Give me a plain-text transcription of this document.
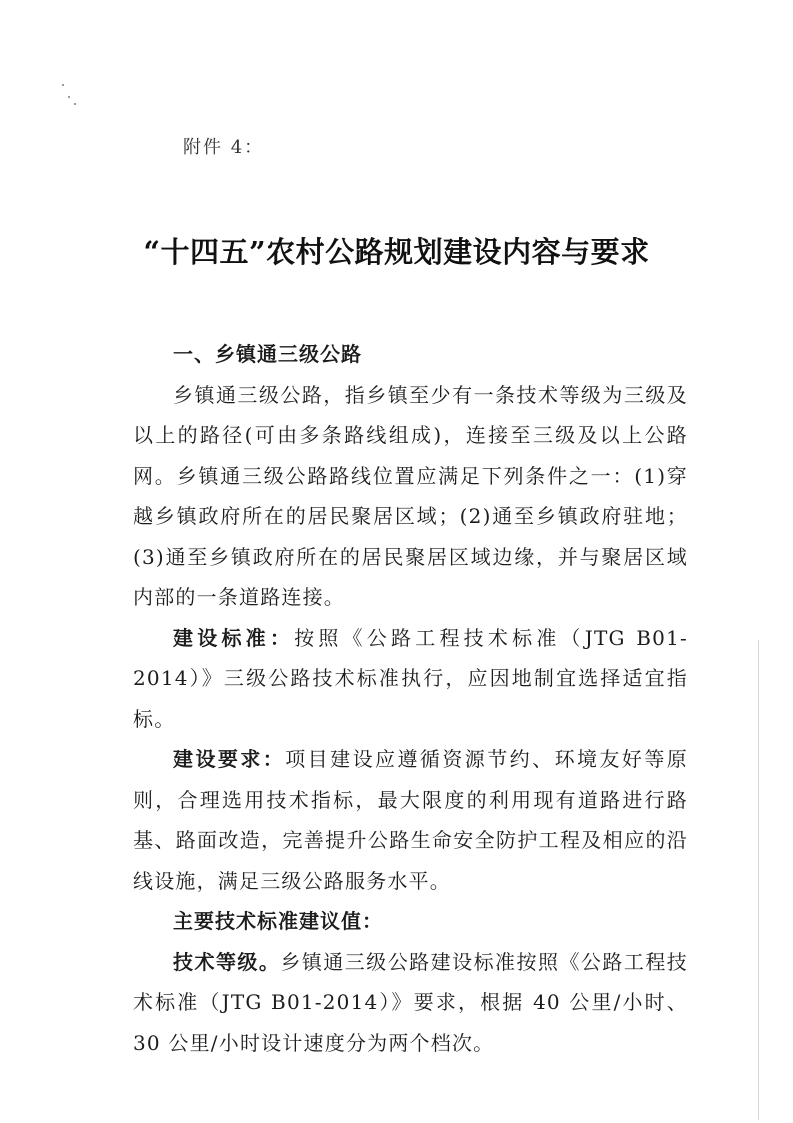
附件 4：
“十四五”农村公路规划建设内容与要求

一、乡镇通三级公路

乡镇通三级公路，指乡镇至少有一条技术等级为三级及以上的路径(可由多条路线组成)，连接至三级及以上公路网。乡镇通三级公路路线位置应满足下列条件之一：(1)穿越乡镇政府所在的居民聚居区域；(2)通至乡镇政府驻地；(3)通至乡镇政府所在的居民聚居区域边缘，并与聚居区域内部的一条道路连接。

建设标准：按照《公路工程技术标准（JTG B01-2014）》三级公路技术标准执行，应因地制宜选择适宜指标。

建设要求：项目建设应遵循资源节约、环境友好等原则，合理选用技术指标，最大限度的利用现有道路进行路基、路面改造，完善提升公路生命安全防护工程及相应的沿线设施，满足三级公路服务水平。

主要技术标准建议值：

技术等级。乡镇通三级公路建设标准按照《公路工程技术标准（JTG B01-2014）》要求，根据 40 公里/小时、30 公里/小时设计速度分为两个档次。
